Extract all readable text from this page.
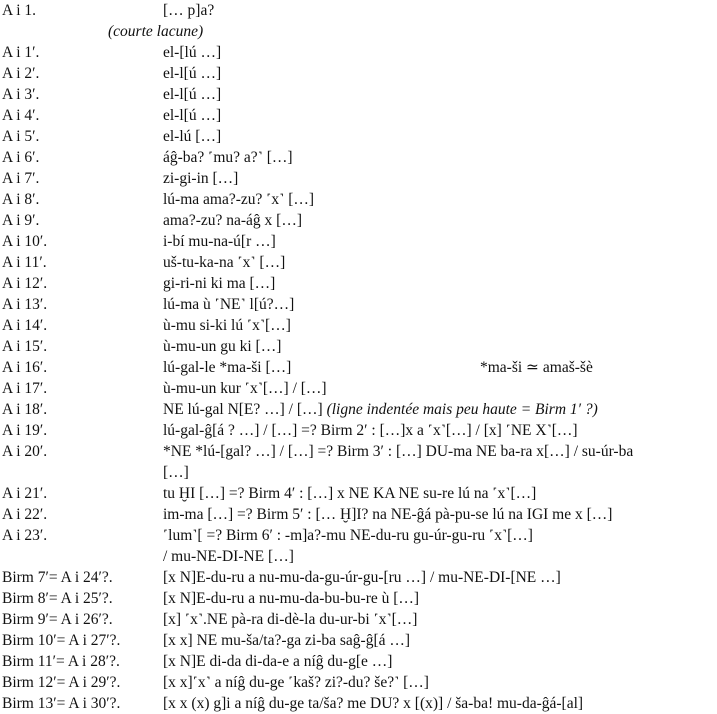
A i 1.	[… p]a?
(courte lacune)
A i 1′.	el-[lú …]
A i 2′.	el-l[ú …]
A i 3′.	el-l[ú …]
A i 4′.	el-l[ú …]
A i 5′.	el-lú […]
A i 6′.	áĝ-ba? ˹mu? a?˺ […]
A i 7′.	zi-gi-in […]
A i 8′.	lú-ma ama?-zu? ˹x˺ […]
A i 9′.	ama?-zu? na-áĝ x […]
A i 10′.	i-bí mu-na-ú[r …]
A i 11′.	uš-tu-ka-na ˹x˺ […]
A i 12′.	gi-ri-ni ki ma […]
A i 13′.	lú-ma ù ˹NE˺ l[ú?…]
A i 14′.	ù-mu si-ki lú ˹x˺[…]
A i 15′.	ù-mu-un gu ki […]
A i 16′.	lú-gal-le *ma-ši […]	*ma-ši ≃ amaš-šè
A i 17′.	ù-mu-un kur ˹x˺[…] / […]
A i 18′.	NE lú-gal N[E? …] / […] (ligne indentée mais peu haute = Birm 1′ ?)
A i 19′.	lú-gal-ĝ[á ? …] / […] =? Birm 2′ : […]x a ˹x˺[…] / [x] ˹NE X˺[…]
A i 20′.	*NE *lú-[gal? …] / […] =? Birm 3′ : […] DU-ma NE ba-ra x[…] / su-úr-ba
[…]
A i 21′.	tu ḪI […] =? Birm 4′ : […] x NE KA NE su-re lú na ˹x˺[…]
A i 22′.	im-ma […] =? Birm 5′ : [… Ḫ]I? na NE-ĝá pà-pu-se lú na IGI me x […]
A i 23′.	˹lum˺[ =? Birm 6′ : -m]a?-mu NE-du-ru gu-úr-gu-ru ˹x˺[…]
/ mu-NE-DI-NE […]
Birm 7′= A i 24′?.	[x N]E-du-ru a nu-mu-da-gu-úr-gu-[ru …] / mu-NE-DI-[NE …]
Birm 8′= A i 25′?.	[x N]E-du-ru a nu-mu-da-bu-bu-re ù […]
Birm 9′= A i 26′?.	[x] ˹x˺.NE pà-ra di-dè-la du-ur-bi ˹x˺[…]
Birm 10′= A i 27′?.	[x x] NE mu-ša/ta?-ga zi-ba saĝ-ĝ[á …]
Birm 11′= A i 28′?.	[x N]E di-da di-da-e a níĝ du-g[e …]
Birm 12′= A i 29′?.	[x x]˹x˺ a níĝ du-ge ˹kaš? zi?-du? še?˺ […]
Birm 13′= A i 30′?.	[x x (x) g]i a níĝ du-ge ta/ša? me DU? x [(x)] / ša-ba! mu-da-ĝá-[al]
